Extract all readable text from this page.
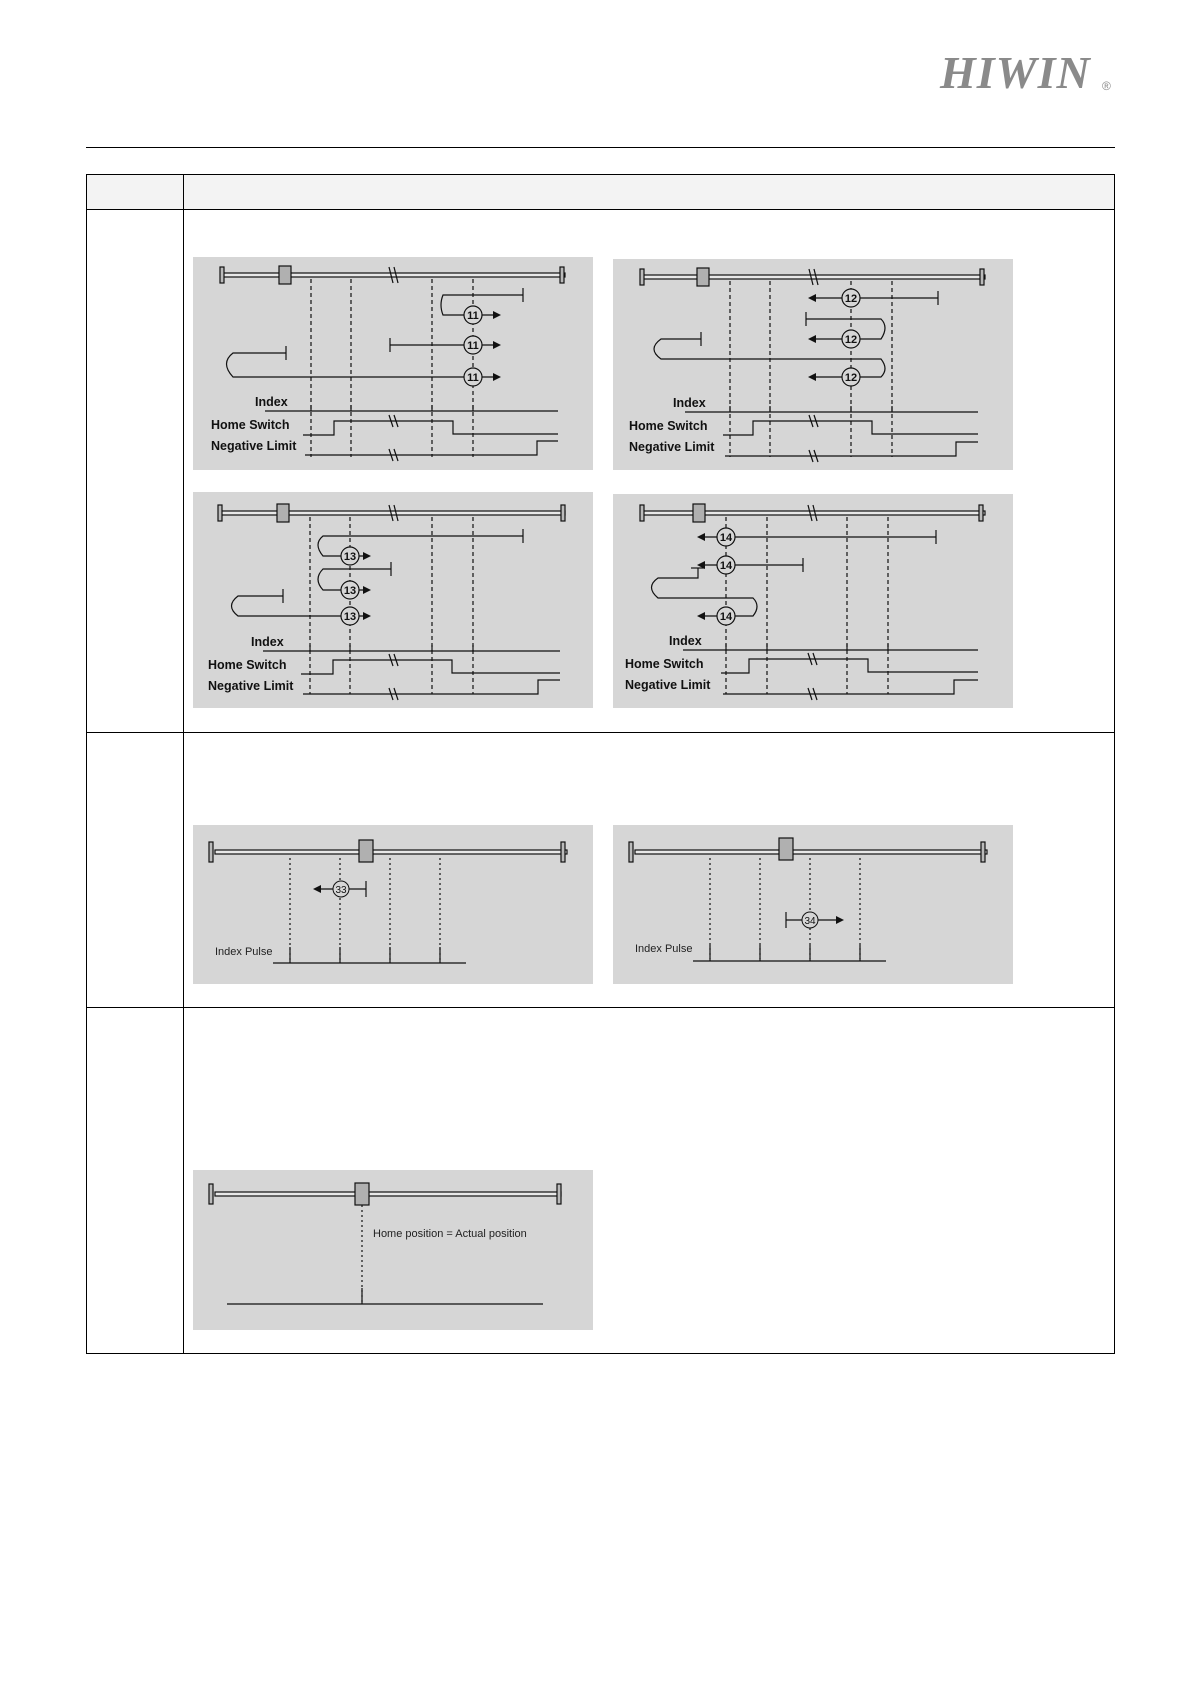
HIWIN ®
11
11
11
Index
Home Switch
Negative Limit
12
12
12
Index
Home Switch
Negative Limit
13
13
13
Index
Home Switch
Negative Limit
14
14
14
Index
Home Switch
Negative Limit
33
Index Pulse
34
Index Pulse
Home position = Actual position
